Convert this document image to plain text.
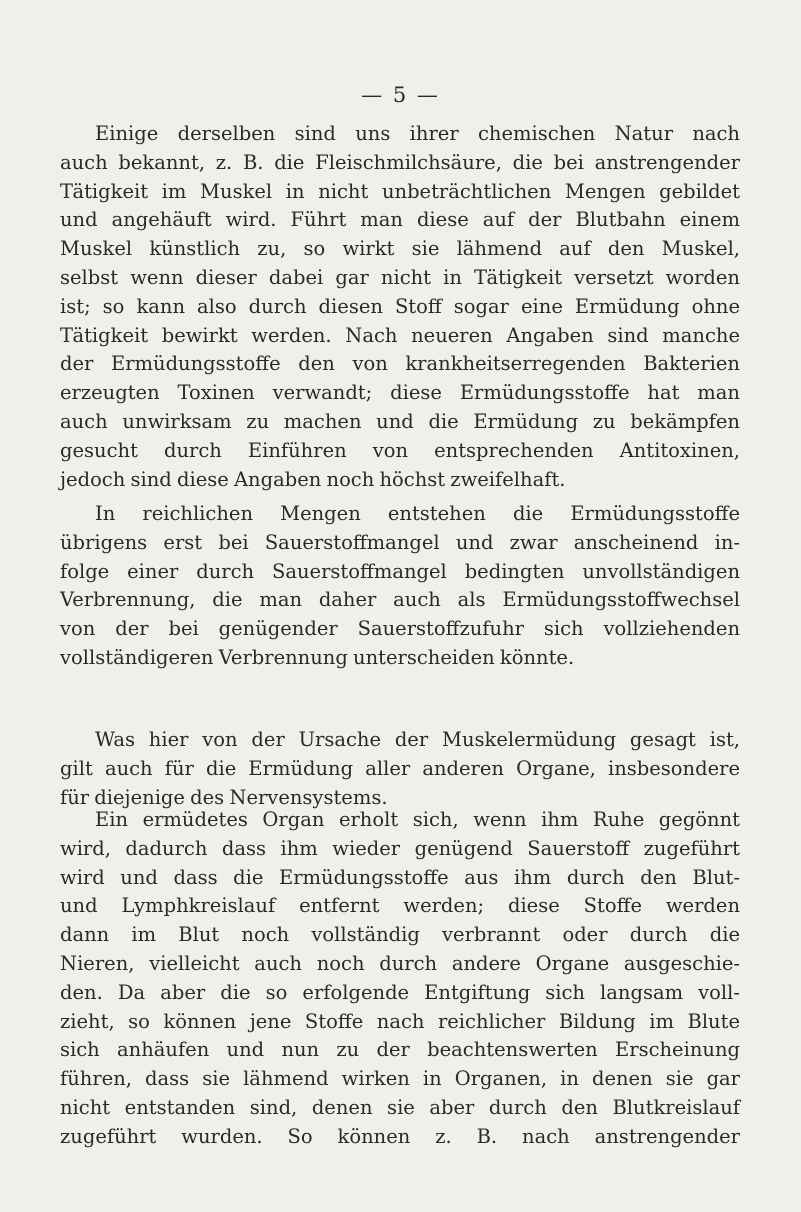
— 5 —

Einige derselben sind uns ihrer chemischen Natur nach
auch bekannt, z. B. die Fleischmilchsäure, die bei anstrengender
Tätigkeit im Muskel in nicht unbeträchtlichen Mengen gebildet
und angehäuft wird. Führt man diese auf der Blutbahn einem
Muskel künstlich zu, so wirkt sie lähmend auf den Muskel,
selbst wenn dieser dabei gar nicht in Tätigkeit versetzt worden
ist; so kann also durch diesen Stoff sogar eine Ermüdung ohne
Tätigkeit bewirkt werden. Nach neueren Angaben sind manche
der Ermüdungsstoffe den von krankheitserregenden Bakterien
erzeugten Toxinen verwandt; diese Ermüdungsstoffe hat man
auch unwirksam zu machen und die Ermüdung zu bekämpfen
gesucht durch Einführen von entsprechenden Antitoxinen,
jedoch sind diese Angaben noch höchst zweifelhaft.

In reichlichen Mengen entstehen die Ermüdungsstoffe
übrigens erst bei Sauerstoffmangel und zwar anscheinend in-
folge einer durch Sauerstoffmangel bedingten unvollständigen
Verbrennung, die man daher auch als Ermüdungsstoffwechsel
von der bei genügender Sauerstoffzufuhr sich vollziehenden
vollständigeren Verbrennung unterscheiden könnte.

Was hier von der Ursache der Muskelermüdung gesagt ist,
gilt auch für die Ermüdung aller anderen Organe, insbesondere
für diejenige des Nervensystems.

Ein ermüdetes Organ erholt sich, wenn ihm Ruhe gegönnt
wird, dadurch dass ihm wieder genügend Sauerstoff zugeführt
wird und dass die Ermüdungsstoffe aus ihm durch den Blut-
und Lymphkreislauf entfernt werden; diese Stoffe werden
dann im Blut noch vollständig verbrannt oder durch die
Nieren, vielleicht auch noch durch andere Organe ausgeschie-
den. Da aber die so erfolgende Entgiftung sich langsam voll-
zieht, so können jene Stoffe nach reichlicher Bildung im Blute
sich anhäufen und nun zu der beachtenswerten Erscheinung
führen, dass sie lähmend wirken in Organen, in denen sie gar
nicht entstanden sind, denen sie aber durch den Blutkreislauf
zugeführt wurden. So können z. B. nach anstrengender
